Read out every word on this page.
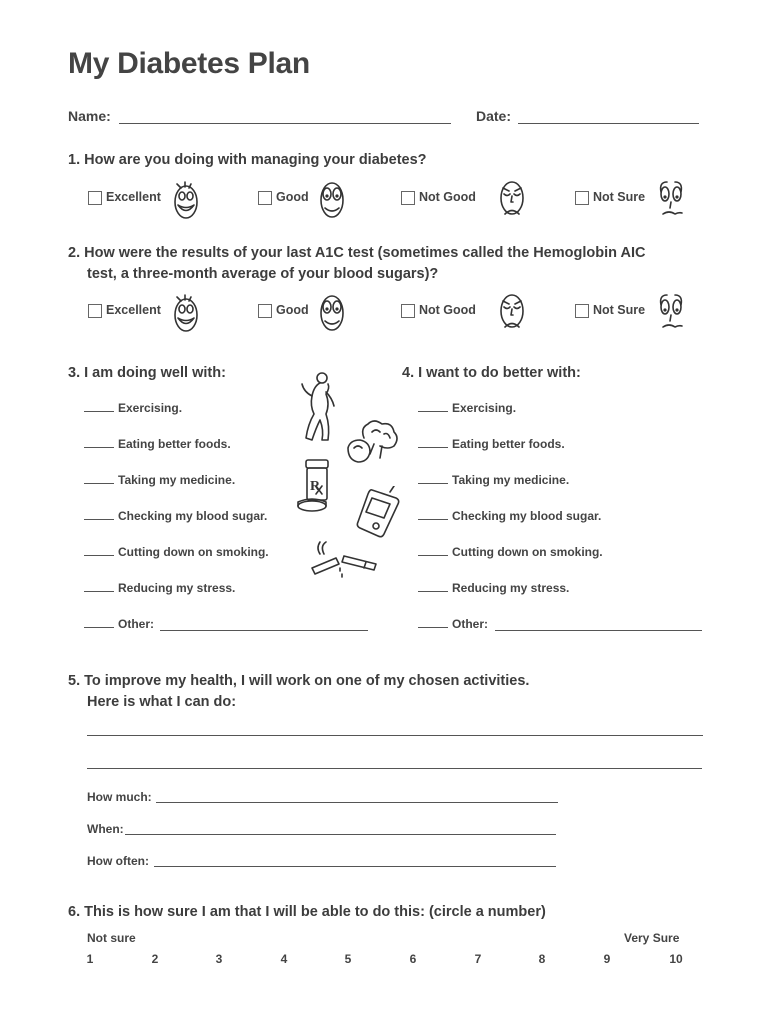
My Diabetes Plan
Name:	Date:
1. How are you doing with managing your diabetes?
Excellent	Good	Not Good	Not Sure
2. How were the results of your last A1C test (sometimes called the Hemoglobin AIC
test, a three-month average of your blood sugars)?
Excellent	Good	Not Good	Not Sure
3. I am doing well with:	4. I want to do better with:
Exercising.
Eating better foods.
Taking my medicine.
Checking my blood sugar.
Cutting down on smoking.
Reducing my stress.
Other:
Exercising.
Eating better foods.
Taking my medicine.
Checking my blood sugar.
Cutting down on smoking.
Reducing my stress.
Other:
R
5. To improve my health, I will work on one of my chosen activities.
Here is what I can do:
How much:
When:
How often:
6. This is how sure I am that I will be able to do this: (circle a number)
Not sure	Very Sure
1	2	3	4	5	6	7	8	9	10
